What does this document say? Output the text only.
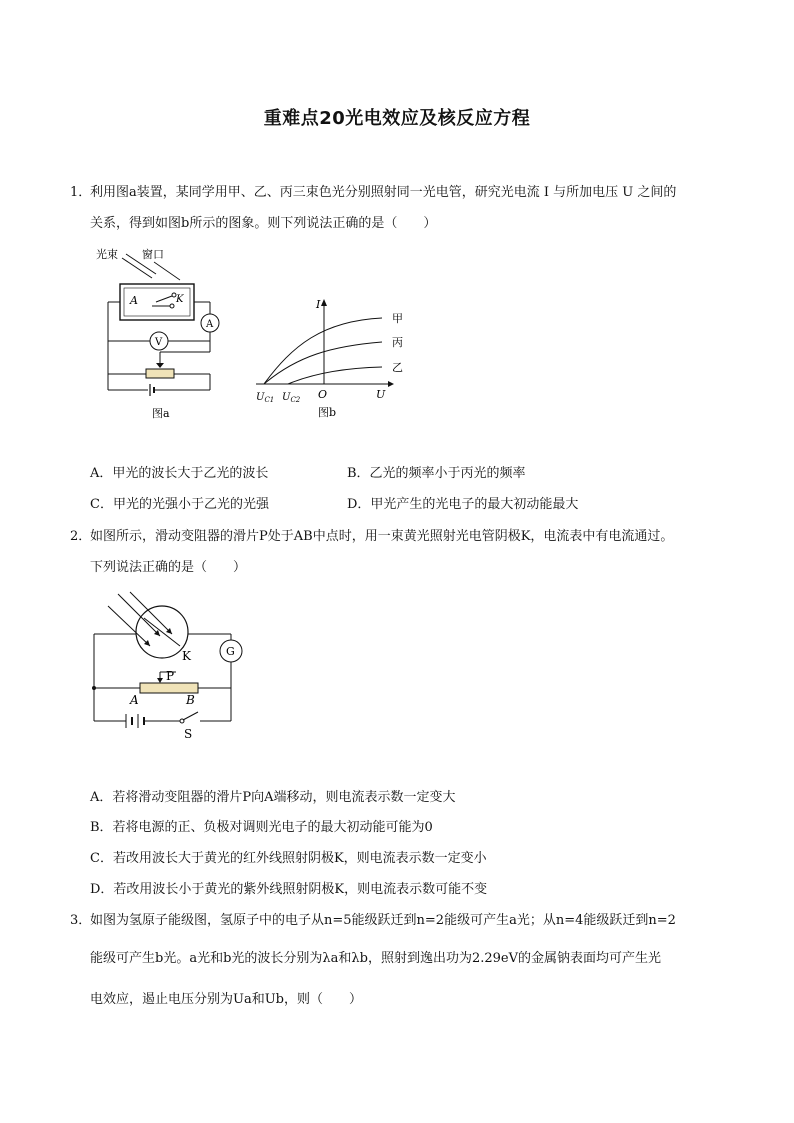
重难点20光电效应及核反应方程
1．
利用图a装置，某同学用甲、乙、丙三束色光分别照射同一光电管，研究光电流 I 与所加电压 U 之间的
关系，得到如图b所示的图象。则下列说法正确的是（　　）
光束 窗口
A	K
A
V
图a
I
U
O
$U_{C1}$ $U_{C2}$
甲
丙
乙
图b
A．甲光的波长大于乙光的波长	B．乙光的频率小于丙光的频率
C．甲光的光强小于乙光的光强	D．甲光产生的光电子的最大初动能最大
2．
如图所示，滑动变阻器的滑片P处于AB中点时，用一束黄光照射光电管阴极K，电流表中有电流通过。
下列说法正确的是（　　）
K	G
P
A	B
S
A．若将滑动变阻器的滑片P向A端移动，则电流表示数一定变大
B．若将电源的正、负极对调则光电子的最大初动能可能为0
C．若改用波长大于黄光的红外线照射阴极K，则电流表示数一定变小
D．若改用波长小于黄光的紫外线照射阴极K，则电流表示数可能不变
3．
如图为氢原子能级图，氢原子中的电子从n=5能级跃迁到n=2能级可产生a光；从n=4能级跃迁到n=2
能级可产生b光。a光和b光的波长分别为λa和λb，照射到逸出功为2.29eV的金属钠表面均可产生光
电效应，遏止电压分别为Ua和Ub，则（　　）
